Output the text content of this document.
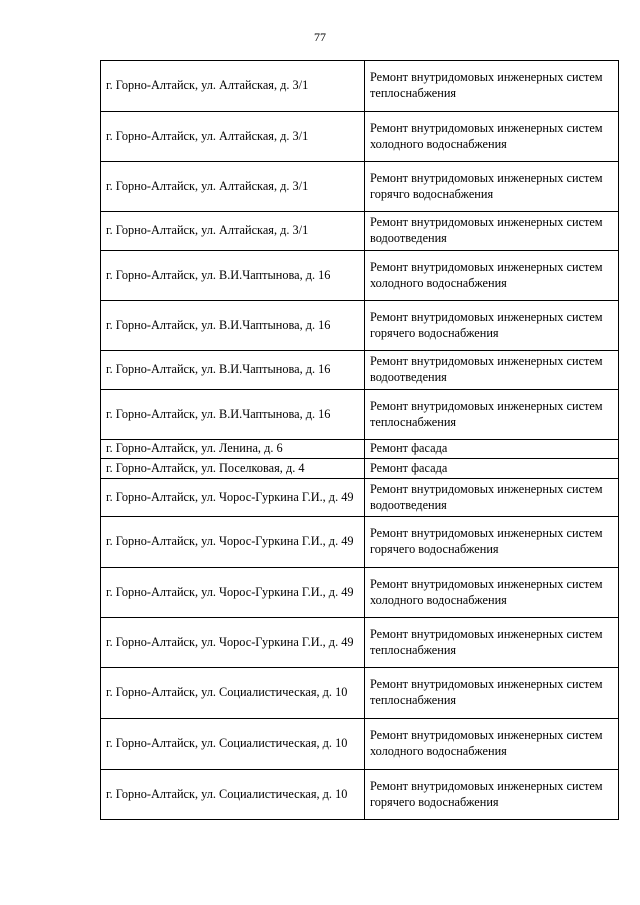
77
г. Горно-Алтайск, ул. Алтайская, д. 3/1	Ремонт внутридомовых инженерных систем теплоснабжения
г. Горно-Алтайск, ул. Алтайская, д. 3/1	Ремонт внутридомовых инженерных систем холодного водоснабжения
г. Горно-Алтайск, ул. Алтайская, д. 3/1	Ремонт внутридомовых инженерных систем горячго водоснабжения
г. Горно-Алтайск, ул. Алтайская, д. 3/1	Ремонт внутридомовых инженерных систем водоотведения
г. Горно-Алтайск, ул. В.И.Чаптынова, д. 16	Ремонт внутридомовых инженерных систем холодного водоснабжения
г. Горно-Алтайск, ул. В.И.Чаптынова, д. 16	Ремонт внутридомовых инженерных систем горячего водоснабжения
г. Горно-Алтайск, ул. В.И.Чаптынова, д. 16	Ремонт внутридомовых инженерных систем водоотведения
г. Горно-Алтайск, ул. В.И.Чаптынова, д. 16	Ремонт внутридомовых инженерных систем теплоснабжения
г. Горно-Алтайск, ул. Ленина, д. 6	Ремонт фасада
г. Горно-Алтайск, ул. Поселковая, д. 4	Ремонт фасада
г. Горно-Алтайск, ул. Чорос-Гуркина Г.И., д. 49	Ремонт внутридомовых инженерных систем водоотведения
г. Горно-Алтайск, ул. Чорос-Гуркина Г.И., д. 49	Ремонт внутридомовых инженерных систем горячего водоснабжения
г. Горно-Алтайск, ул. Чорос-Гуркина Г.И., д. 49	Ремонт внутридомовых инженерных систем холодного водоснабжения
г. Горно-Алтайск, ул. Чорос-Гуркина Г.И., д. 49	Ремонт внутридомовых инженерных систем теплоснабжения
г. Горно-Алтайск, ул. Социалистическая, д. 10	Ремонт внутридомовых инженерных систем теплоснабжения
г. Горно-Алтайск, ул. Социалистическая, д. 10	Ремонт внутридомовых инженерных систем холодного водоснабжения
г. Горно-Алтайск, ул. Социалистическая, д. 10	Ремонт внутридомовых инженерных систем горячего водоснабжения
